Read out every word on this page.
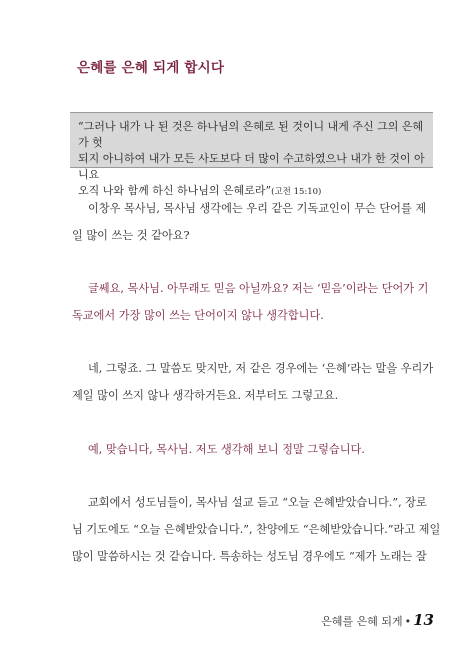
은혜를 은혜 되게 합시다
“그러나 내가 나 된 것은 하나님의 은혜로 된 것이니 내게 주신 그의 은혜가 헛
되지 아니하여 내가 모든 사도보다 더 많이 수고하였으나 내가 한 것이 아니요
오직 나와 함께 하신 하나님의 은혜로라”(고전 15:10)

이창우 목사님, 목사님 생각에는 우리 같은 기독교인이 무슨 단어를 제
일 많이 쓰는 것 같아요?

글쎄요, 목사님. 아무래도 믿음 아닐까요? 저는 ‘믿음’이라는 단어가 기
독교에서 가장 많이 쓰는 단어이지 않나 생각합니다.

네, 그렇죠. 그 말씀도 맞지만, 저 같은 경우에는 ‘은혜’라는 말을 우리가
제일 많이 쓰지 않나 생각하거든요. 저부터도 그렇고요.

예, 맞습니다, 목사님. 저도 생각해 보니 정말 그렇습니다.

교회에서 성도님들이, 목사님 설교 듣고 “오늘 은혜받았습니다.”, 장로
님 기도에도 “오늘 은혜받았습니다.”, 찬양에도 “은혜받았습니다.”라고 제일
많이 말씀하시는 것 같습니다. 특송하는 성도님 경우에도 “제가 노래는 잘

은혜를 은혜 되게 • 13
